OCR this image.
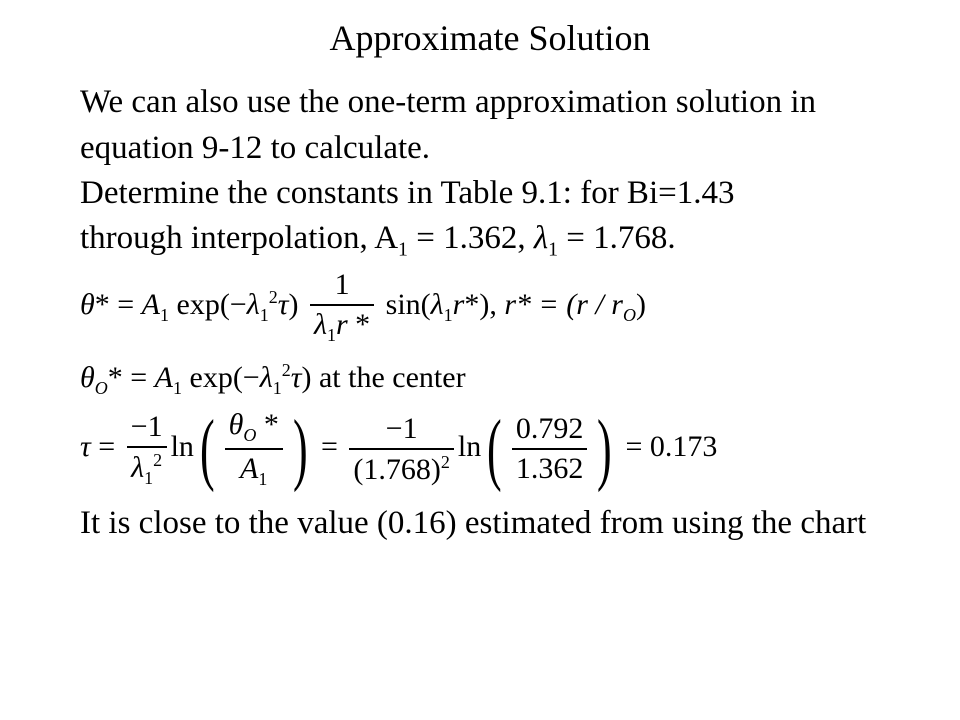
Approximate Solution
We can also use the one-term approximation solution in
equation 9-12 to calculate.
Determine the constants in Table 9.1: for Bi=1.43
through interpolation, $A_1 = 1.362$, $\lambda_1 = 1.768$.
$\theta* = A_1$ $\exp(-\lambda_1^2\tau) \frac{1}{\lambda_1r *} \sin(\lambda_1r*)$, $r* = (r / r_O)$
$\theta_O* = A_1$ $\exp(-\lambda_1^2\tau)$ at the center
$\tau = \frac{-1}{\lambda_1^2} \ln( \frac{\theta_O *}{A_1}$ ) = $\frac{-1}{(1.768)^2} \ln( \frac{0.792}{1.362}$ ) = 0.173
It is close to the value (0.16) estimated from using the chart
